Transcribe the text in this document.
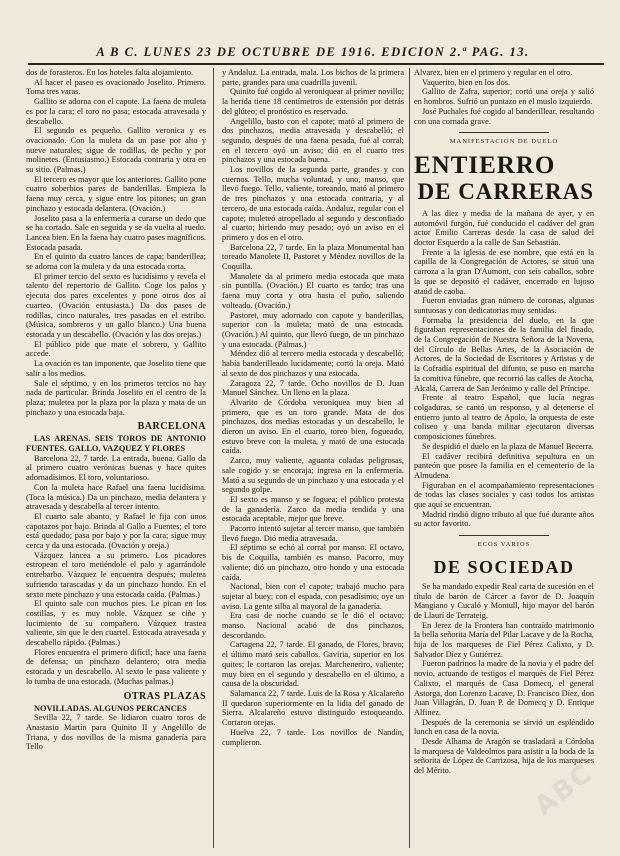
A B C. LUNES 23 DE OCTUBRE DE 1916. EDICION 2.ª PAG. 13.

dos de forasteros. En los hoteles falta alojamiento.

Al hacer el paseo es ovacionado Joselito. Primero. Toma tres varas.

Gallito se adorna con el capote. La faena de muleta es por la cara; el toro no pasa; estocada atravesada y descabello.

El segundo es pequeño. Gallito veronica y es ovacionado. Con la muleta da un pase por alto y nueve naturales; sigue de rodillas, de pecho y por molinetes. (Entusiasmo.) Estocada contraria y otra en su sitio. (Palmas.)

El tercero es mayor que los anteriores. Gallito pone cuatro soberbios pares de banderillas. Empieza la faena muy cerca, y sigue entre los pitones; un gran pinchazo y estocada delantera. (Ovación.)

Joselito pasa a la enfermería a curarse un dedo que se ha cortado. Sale en seguida y se da vuelta al ruedo. Lancea bien. En la faena hay cuatro pases magníficos. Estocada pasada.

En el quinto da cuatro lances de capa; banderillea; se adorna con la muleta y da una estocada corta.

El primer tercio del sexto es lucidísimo y revela el talento del repertorio de Gallito. Coge los palos y ejecuta dos pares excelentes y pone otros dos al cuarteo. (Ovación entusiasta.) Da dos pases de rodillas, cinco naturales, tres pasadas en el estribo. (Música, sombreros y un gallo blanco.) Una buena estocada y un descabello. (Ovación y las dos orejas.)

El público pide que mate el sobrero, y Gallito accede.

La ovación es tan imponente, que Joselito tiene que salir a los medios.

Sale el séptimo, y en los primeros tercios no hay nada de particular. Brinda Joselito en el centro de la plaza; muletea por la plaza por la plaza y mata de un pinchazo y una estocada baja.

BARCELONA

LAS ARENAS. SEIS TOROS DE ANTONIO FUENTES. GALLO, VAZQUEZ Y FLORES

Barcelona 22, 7 tarde. La entrada, buena. Gallo da al primero cuatro verónicas buenas y hace quites adornadísimos. El toro, voluntarioso.

Con la muleta hace Rafael una faena lucidísima. (Toca la música.) Da un pinchazo, media delantera y atravesada y descabella al tercer intento.

El cuarto sale abanto, y Rafael le fija con unos capotazos por bajo. Brinda al Gallo a Fuentes; el toro está quedado; pasa por bajo y por la cara; sigue muy cerca y da una estocada. (Ovación y oreja.)

Vázquez lancea a su primero. Los picadores estropean el toro metiéndole el palo y agarrándole entrebarbo. Vázquez le encuentra después; muletea sufriendo tarascadas y da un pinchazo hondo. En el sexto mete pinchazo y una estocada caída. (Palmas.)

El quinto sale con muchos pies. Le pican en los costillas, y es muy noble. Vázquez se ciñe y lucimiento de su compañero. Vázquez trastea valiente, sin que le den cuartel. Estocada atravesada y descabello rápido. (Palmas.)

Flores encuentra el primero difícil; hace una faena de defensa; un pinchazo delantero; otra media estocada y un descabello. Al sexto le pasa valiente y lo tumba de una estocada. (Muchas palmas.)

OTRAS PLAZAS

NOVILLADAS. ALGUNOS PERCANCES

Sevilla 22, 7 tarde. Se lidiaron cuatro toros de Anastasio Martín para Quinito II y Angelillo de Triana, y dos novillos de la misma ganadería para Tello

y Andaluz. La entrada, mala. Los bichos de la primera parte, grandes para una cuadrilla juvenil.

Quinito fué cogido al veroniquear al primer novillo; la herida tiene 18 centímetros de extensión por detrás del glúteo; el pronóstico es reservado.

Angelillo, basto con el capote; mató al primero de dos pinchazos, media atravesada y descabelló; el segundo, después de una faena pesada, fué al corral; en el tercero oyó un aviso; dió en el cuarto tres pinchazos y una estocada buena.

Los novillos de la segunda parte, grandes y con cuernos. Tello, mucha voluntad, y uno, manso, que llevó fuego. Tello, valiente, toreando, mató al primero de tres pinchazos y una estocada contraria, y al tercero, de una estocada caída. Andaluz, regular con el capote; muleteó atropellado al segundo y desconfiado al cuarto; hiriendo muy pesado; oyó un aviso en el primero y dos en el otro.

Barcelona 22, 7 tarde. En la plaza Monumental han toreado Manolete II, Pastoret y Méndez novillos de la Coquilla.

Manolete da al primero media estocada que mata sin puntilla. (Ovación.) El cuarto es tardo; tras una faena muy corta y otra hasta el puño, saliendo volteado. (Ovación.)

Pastoret, muy adornado con capote y banderillas, superior con la muleta; mató de una estocada. (Ovación.) Al quinto, que llevó fuego, de un pinchazo y una estocada. (Palmas.)

Méndez dió al tercero media estocada y descabelló; había banderilleado lucidamente; cortó la oreja. Mató al sexto de dos pinchazos y una estocada.

Zaragoza 22, 7 tarde. Ocho novillos de D. Juan Manuel Sánchez. Un lleno en la plaza.

Alvarito de Córdoba veroniquea muy bien al primero, que es un toro grande. Mata de dos pinchazos, dos medias estocadas y un descabello, le dieron un aviso. En el cuarto, toreo bien, fogueado, estuvo breve con la muleta, y mató de una estocada caída.

Zarco, muy valiente, aguanta coladas peligrosas, sale cogido y se encoraja; ingresa en la enfermería. Mató a su segundo de un pinchazo y una estocada y el segundo golpe.

El sexto es manso y se foguea; el público protesta de la ganadería. Zarco da media tendida y una estocada aceptable, mejor que breve.

Pacorro intentó sujetar al tercer manso, que también llevó fuego. Dió media atravesada.

El séptimo se echó al corral por manso. El octavo, bis de Coquilla, también es manso. Pacorro, muy valiente; dió un pinchazo, otro hondo y una estocada caída.

Nacional, bien con el capote; trabajó mucho para sujetar al buey; con el espada, con pesadísimo; oye un aviso. La gente silba al mayoral de la ganadería.

Era casi de noche cuando se le dió el octavo; manso. Nacional acabó de dos pinchazos, descordando.

Cartagena 22, 7 tarde. El ganado, de Flores, bravo; el último mató seis caballos. Gaviria, superior en los quites; le cortaron las orejas. Marcheneriro, valiente; muy bien en el segundo y descabello en el último, a causa de la obscuridad.

Salamanca 22, 7 tarde. Luis de la Rosa y Alcalareño II quedaron superiormente en la lidia del ganado de Sierra. Alcalareño estuvo distinguido estoqueando. Cortaron orejas.

Huelva 22, 7 tarde. Los novillos de Nandín, cumplieron.

Alvarez, bien en el primero y regular en el otro.

Vaquerito, bien en los dos.

Gallito de Zafra, superior; cortó una oreja y salió en hombros. Sufrió un puntazo en el muslo izquierdo.

José Puchales fué cogido al banderillear, resultando con una cornada grave.

MANIFESTACION DE DUELO
ENTIERRO
DE CARRERAS

A las diez y media de la mañana de ayer, y en automóvil furgón, fué conducido el cadáver del gran actor Emilio Carreras desde la casa de salud del doctor Esquerdo a la calle de San Sebastián.

Frente a la iglesia de ese nombre, que está en la capilla de la Congregación de Actores, se situó una carroza a la gran D'Aumont, con seis caballos, sobre la que se depositó el cadáver, encerrado en lujoso ataúd de caoba.

Fueron enviadas gran número de coronas, algunas suntuosas y con dedicatorias muy sentidas.

Formaba la presidencia del duelo, en la que figuraban representaciones de la familia del finado, de la Congregación de Nuestra Señora de la Novena, del Círculo de Bellas Artes, de la Asociación de Actores, de la Sociedad de Escritores y Artistas y de la Cofradía espiritual del difunto, se puso en marcha la comitiva fúnebre, que recorrió las calles de Atocha, Alcalá, Carrera de San Jerónimo y calle del Príncipe.

Frente al teatro Español, que lucía negras colgaduras, se cantó un responso, y al detenerse el entierro junto al teatro de Apolo, la orquesta de este coliseo y una banda militar ejecutaron diversas composiciones fúnebres.

Se despidió el duelo en la plaza de Manuel Becerra.

El cadáver recibirá definitiva sepultura en un panteón que posee la familia en el cementerio de la Almudena.

Figuraban en el acompañamiento representaciones de todas las clases sociales y casi todos los artistas que aquí se encuentran.

Madrid rindió digno tributo al que fué durante años su actor favorito.

ECOS VARIOS
DE SOCIEDAD

Se ha mandado expedir Real carta de sucesión en el título de barón de Cárcer a favor de D. Joaquín Mangiano y Cucaló y Montull, hijo mayor del barón de Llaurí de Terrateig.

En Jerez de la Frontera han contraído matrimonio la bella señorita María del Pilar Lacave y de la Rocha, hija de los marqueses de Fiel Pérez Calixto, y D. Salvador Díez y Gutiérrez.

Fueron padrinos la madre de la novia y el padre del novio, actuando de testigos el marqués de Fiel Pérez Calixto, el marqués de Casa Domecq, el general Astorga, don Lorenzo Lacave, D. Francisco Díez, don Juan Villagrán, D. Juan P. de Domecq y D. Enrique Alfinez.

Después de la ceremonia se sirvió un espléndido lunch en casa de la novia.

Desde Alhama de Aragón se trasladará a Córdoba la marquesa de Valdeolmos para asistir a la boda de la señorita de López de Carrizosa, hija de los marqueses del Mérito.	ABC
